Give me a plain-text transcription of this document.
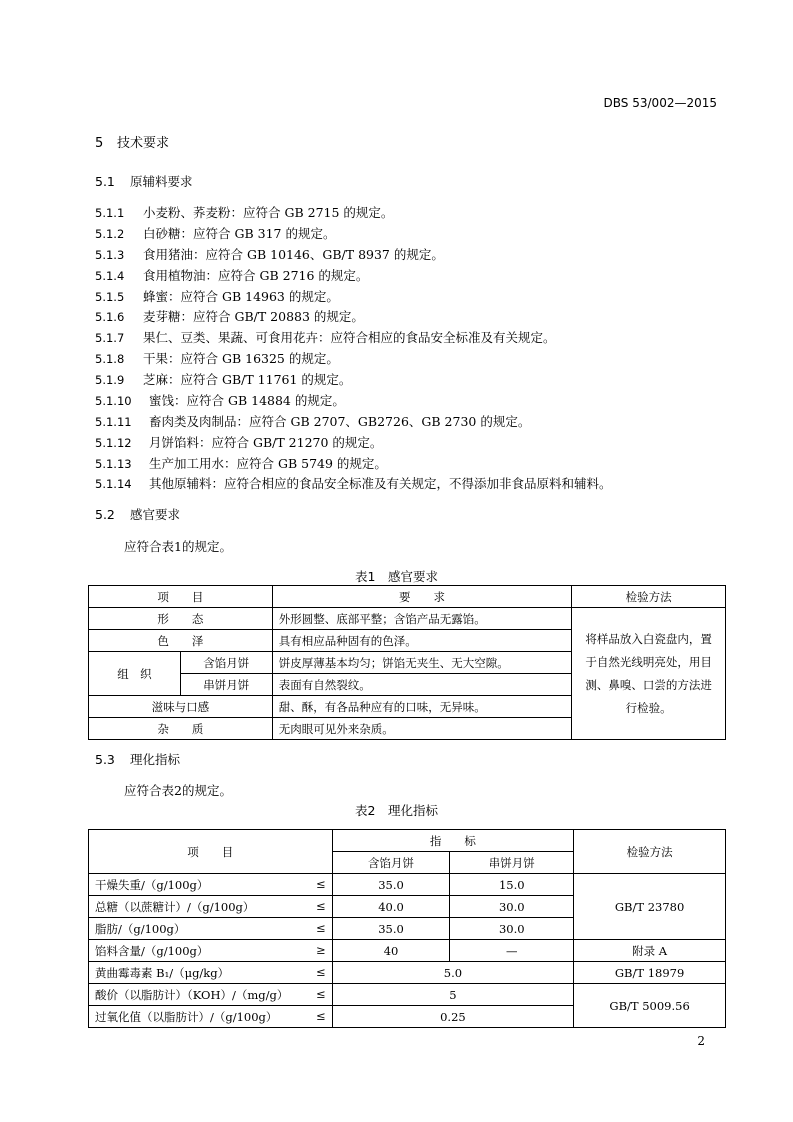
DBS 53/002—2015
5 技术要求
5.1 原辅料要求
5.1.1 小麦粉、荞麦粉：应符合 GB 2715 的规定。
5.1.2 白砂糖：应符合 GB 317 的规定。
5.1.3 食用猪油：应符合 GB 10146、GB/T 8937 的规定。
5.1.4 食用植物油：应符合 GB 2716 的规定。
5.1.5 蜂蜜：应符合 GB 14963 的规定。
5.1.6 麦芽糖：应符合 GB/T 20883 的规定。
5.1.7 果仁、豆类、果蔬、可食用花卉：应符合相应的食品安全标准及有关规定。
5.1.8 干果：应符合 GB 16325 的规定。
5.1.9 芝麻：应符合 GB/T 11761 的规定。
5.1.10 蜜饯：应符合 GB 14884 的规定。
5.1.11 畜肉类及肉制品：应符合 GB 2707、GB2726、GB 2730 的规定。
5.1.12 月饼馅料：应符合 GB/T 21270 的规定。
5.1.13 生产加工用水：应符合 GB 5749 的规定。
5.1.14 其他原辅料：应符合相应的食品安全标准及有关规定，不得添加非食品原料和辅料。
5.2 感官要求
应符合表1的规定。
表1　感官要求
项　　目		要　　求	检验方法
形　　态		外形圆整、底部平整；含馅产品无露馅。	将样品放入白瓷盘内，置于自然光线明亮处，用目测、鼻嗅、口尝的方法进行检验。
色　　泽		具有相应品种固有的色泽。	
组　织	含馅月饼	饼皮厚薄基本均匀；饼馅无夹生、无大空隙。	
	串饼月饼	表面有自然裂纹。	
滋味与口感		甜、酥，有各品种应有的口味，无异味。	
杂　　质		无肉眼可见外来杂质。	
5.3 理化指标
应符合表2的规定。
表2　理化指标
项　　目	指　　标		检验方法
	含馅月饼	串饼月饼	

干燥失重/（g/100g） ≤	35.0	15.0	GB/T 23780

总糖（以蔗糖计）/（g/100g） ≤	40.0	30.0	

脂肪/（g/100g） ≤	35.0	30.0	

馅料含量/（g/100g） ≥	40	—	附录 A

黄曲霉毒素 B₁/（μg/kg） ≤	5.0		GB/T 18979

酸价（以脂肪计）（KOH）/（mg/g） ≤	5		GB/T 5009.56

过氧化值（以脂肪计）/（g/100g） ≤	0.25		
2
